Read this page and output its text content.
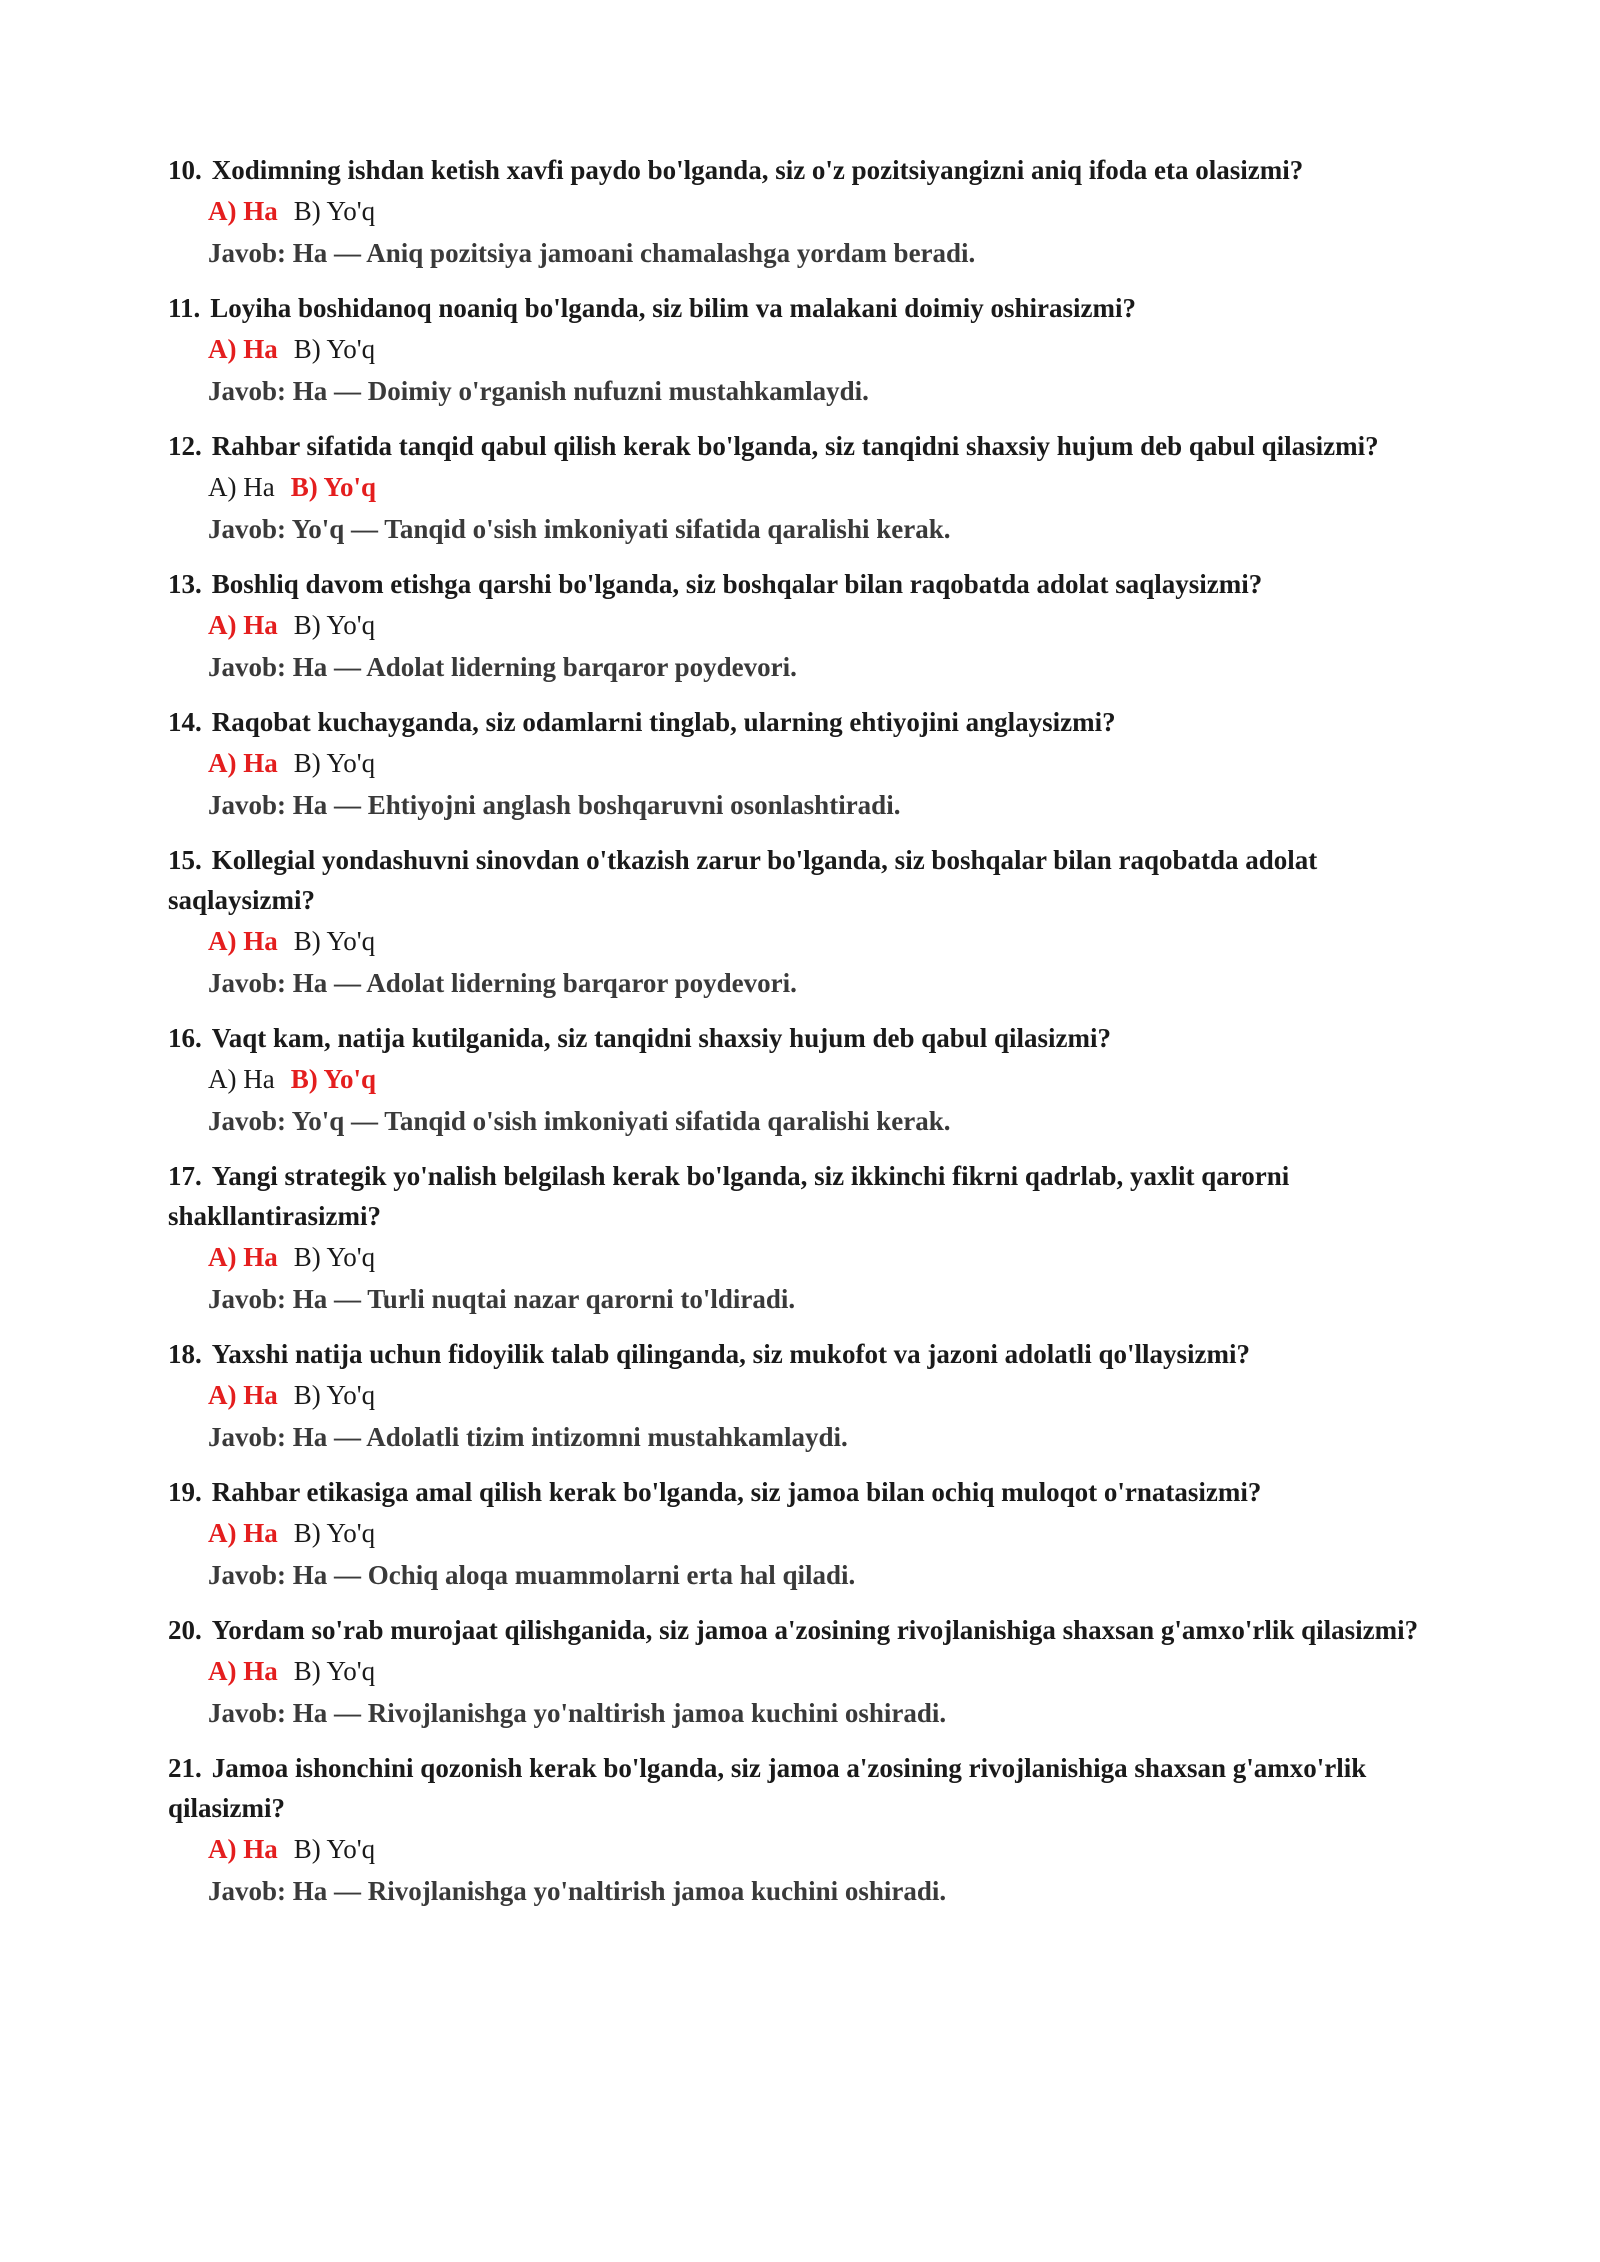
10. Xodimning ishdan ketish xavfi paydo bo'lganda, siz o'z pozitsiyangizni aniq ifoda eta olasizmi?

A) Ha B) Yo'q
Javob: Ha — Aniq pozitsiya jamoani chamalashga yordam beradi.

11. Loyiha boshidanoq noaniq bo'lganda, siz bilim va malakani doimiy oshirasizmi?

A) Ha B) Yo'q
Javob: Ha — Doimiy o'rganish nufuzni mustahkamlaydi.

12. Rahbar sifatida tanqid qabul qilish kerak bo'lganda, siz tanqidni shaxsiy hujum deb qabul qilasizmi?

A) Ha B) Yo'q
Javob: Yo'q — Tanqid o'sish imkoniyati sifatida qaralishi kerak.

13. Boshliq davom etishga qarshi bo'lganda, siz boshqalar bilan raqobatda adolat saqlaysizmi?

A) Ha B) Yo'q
Javob: Ha — Adolat liderning barqaror poydevori.

14. Raqobat kuchayganda, siz odamlarni tinglab, ularning ehtiyojini anglaysizmi?

A) Ha B) Yo'q
Javob: Ha — Ehtiyojni anglash boshqaruvni osonlashtiradi.

15. Kollegial yondashuvni sinovdan o'tkazish zarur bo'lganda, siz boshqalar bilan raqobatda adolat saqlaysizmi?

A) Ha B) Yo'q
Javob: Ha — Adolat liderning barqaror poydevori.

16. Vaqt kam, natija kutilganida, siz tanqidni shaxsiy hujum deb qabul qilasizmi?

A) Ha B) Yo'q
Javob: Yo'q — Tanqid o'sish imkoniyati sifatida qaralishi kerak.

17. Yangi strategik yo'nalish belgilash kerak bo'lganda, siz ikkinchi fikrni qadrlab, yaxlit qarorni shakllantirasizmi?

A) Ha B) Yo'q
Javob: Ha — Turli nuqtai nazar qarorni to'ldiradi.

18. Yaxshi natija uchun fidoyilik talab qilinganda, siz mukofot va jazoni adolatli qo'llaysizmi?

A) Ha B) Yo'q
Javob: Ha — Adolatli tizim intizomni mustahkamlaydi.

19. Rahbar etikasiga amal qilish kerak bo'lganda, siz jamoa bilan ochiq muloqot o'rnatasizmi?

A) Ha B) Yo'q
Javob: Ha — Ochiq aloqa muammolarni erta hal qiladi.

20. Yordam so'rab murojaat qilishganida, siz jamoa a'zosining rivojlanishiga shaxsan g'amxo'rlik qilasizmi?

A) Ha B) Yo'q
Javob: Ha — Rivojlanishga yo'naltirish jamoa kuchini oshiradi.

21. Jamoa ishonchini qozonish kerak bo'lganda, siz jamoa a'zosining rivojlanishiga shaxsan g'amxo'rlik qilasizmi?

A) Ha B) Yo'q
Javob: Ha — Rivojlanishga yo'naltirish jamoa kuchini oshiradi.
